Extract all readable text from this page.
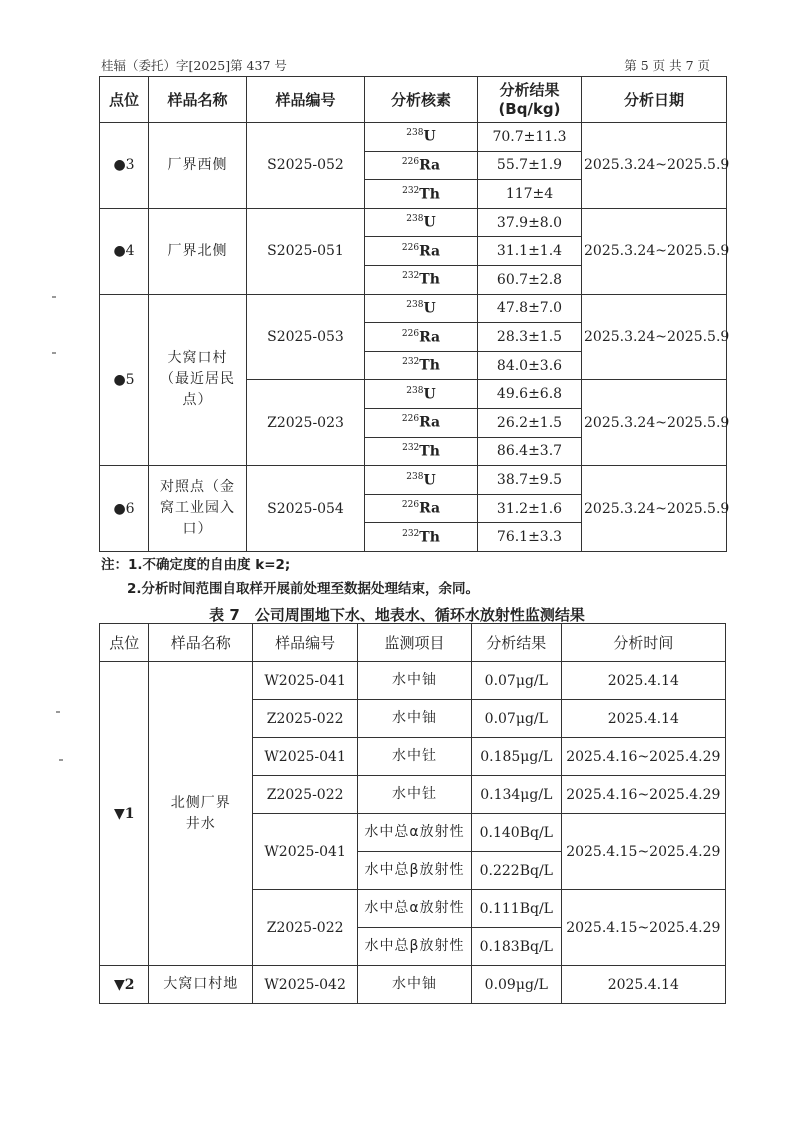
桂辐（委托）字[2025]第 437 号	第 5 页 共 7 页
点位	样品名称	样品编号	分析核素	分析结果
(Bq/kg)	分析日期
●3	厂界西侧	S2025-052	$^{238}$U	70.7±11.3	2025.3.24~2025.5.9
			$^{226}$Ra	55.7±1.9	
			$^{232}$Th	117±4	
●4	厂界北侧	S2025-051	$^{238}$U	37.9±8.0	2025.3.24~2025.5.9
			$^{226}$Ra	31.1±1.4	
			$^{232}$Th	60.7±2.8	
●5	大窝口村（最近居民点）	S2025-053	$^{238}$U	47.8±7.0	2025.3.24~2025.5.9
			$^{226}$Ra	28.3±1.5	
			$^{232}$Th	84.0±3.6	
		Z2025-023	$^{238}$U	49.6±6.8	2025.3.24~2025.5.9
			$^{226}$Ra	26.2±1.5	
			$^{232}$Th	86.4±3.7	
●6	对照点（金窝工业园入口）	S2025-054	$^{238}$U	38.7±9.5	2025.3.24~2025.5.9
			$^{226}$Ra	31.2±1.6	
			$^{232}$Th	76.1±3.3	
注：1.不确定度的自由度 k=2;
2.分析时间范围自取样开展前处理至数据处理结束，余同。
表 7　公司周围地下水、地表水、循环水放射性监测结果
点位	样品名称	样品编号	监测项目	分析结果	分析时间
▼1	北侧厂界井水	W2025-041	水中铀	0.07μg/L	2025.4.14
		Z2025-022	水中铀	0.07μg/L	2025.4.14
		W2025-041	水中钍	0.185μg/L	2025.4.16~2025.4.29
		Z2025-022	水中钍	0.134μg/L	2025.4.16~2025.4.29
		W2025-041	水中总α放射性	0.140Bq/L	2025.4.15~2025.4.29
			水中总β放射性	0.222Bq/L	
		Z2025-022	水中总α放射性	0.111Bq/L	2025.4.15~2025.4.29
			水中总β放射性	0.183Bq/L	
▼2	大窝口村地	W2025-042	水中铀	0.09μg/L	2025.4.14
